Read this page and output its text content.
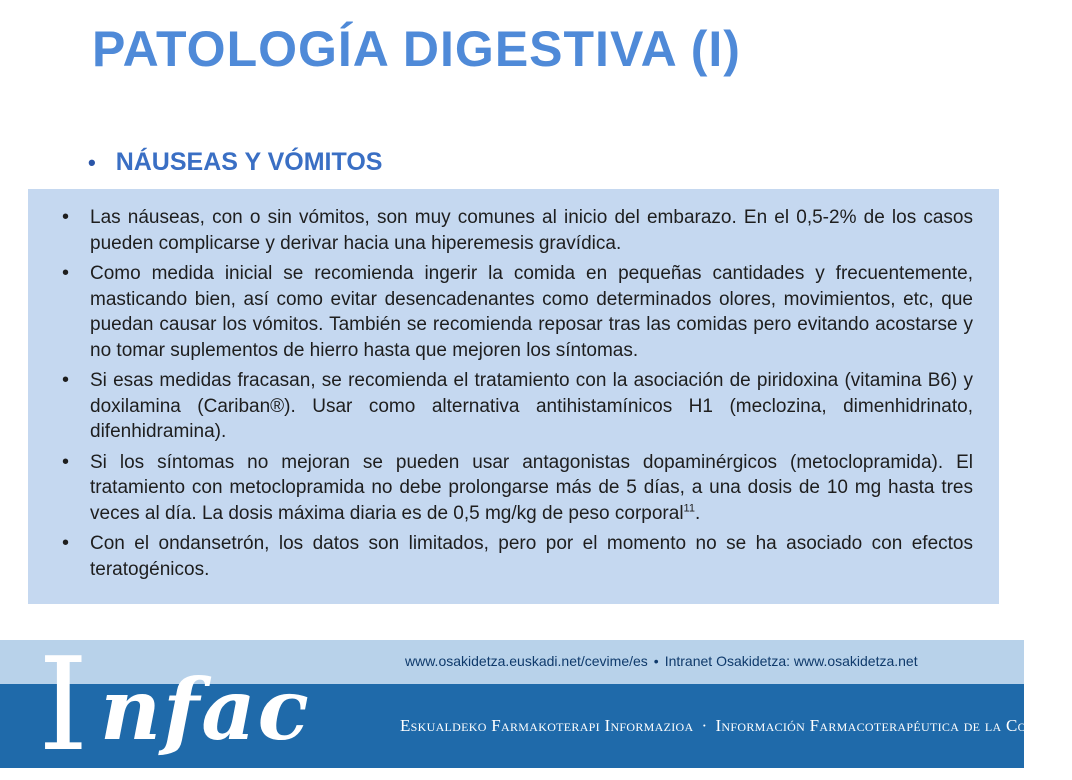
PATOLOGÍA DIGESTIVA (I)
• NÁUSEAS Y VÓMITOS
• Las náuseas, con o sin vómitos, son muy comunes al inicio del embarazo. En el 0,5-2% de los casos pueden complicarse y derivar hacia una hiperemesis gravídica.
• Como medida inicial se recomienda ingerir la comida en pequeñas cantidades y frecuentemente, masticando bien, así como evitar desencadenantes como determinados olores, movimientos, etc, que puedan causar los vómitos. También se recomienda reposar tras las comidas pero evitando acostarse y no tomar suplementos de hierro hasta que mejoren los síntomas.
• Si esas medidas fracasan, se recomienda el tratamiento con la asociación de piridoxina (vitamina B6) y doxilamina (Cariban®). Usar como alternativa antihistamínicos H1 (meclozina, dimenhidrinato, difenhidramina).
• Si los síntomas no mejoran se pueden usar antagonistas dopaminérgicos (metoclopramida). El tratamiento con metoclopramida no debe prolongarse más de 5 días, a una dosis de 10 mg hasta tres veces al día. La dosis máxima diaria es de 0,5 mg/kg de peso corporal$^{11}$.
• Con el ondansetrón, los datos son limitados, pero por el momento no se ha asociado con efectos teratogénicos.
www.osakidetza.euskadi.net/cevime/es • Intranet Osakidetza: www.osakidetza.net
I nfac	Eskualdeko Farmakoterapi Informazioa · Información Farmacoterapéutica de la Comarca
